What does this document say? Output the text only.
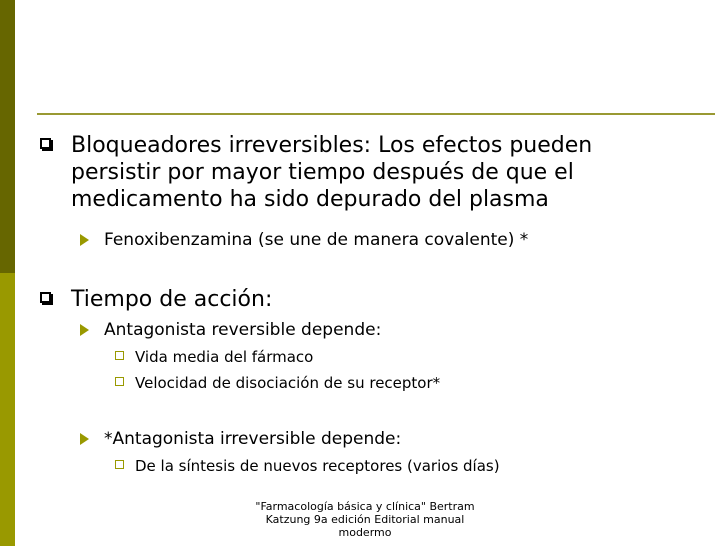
Bloqueadores irreversibles: Los efectos pueden persistir por mayor tiempo después de que el medicamento ha sido depurado del plasma
Fenoxibenzamina (se une de manera covalente) *
Tiempo de acción:
Antagonista reversible depende:
Vida media del fármaco
Velocidad de disociación de su receptor*
*Antagonista irreversible depende:
De la síntesis de nuevos receptores (varios días)
"Farmacología básica y clínica" Bertram Katzung 9a edición Editorial manual modermo
